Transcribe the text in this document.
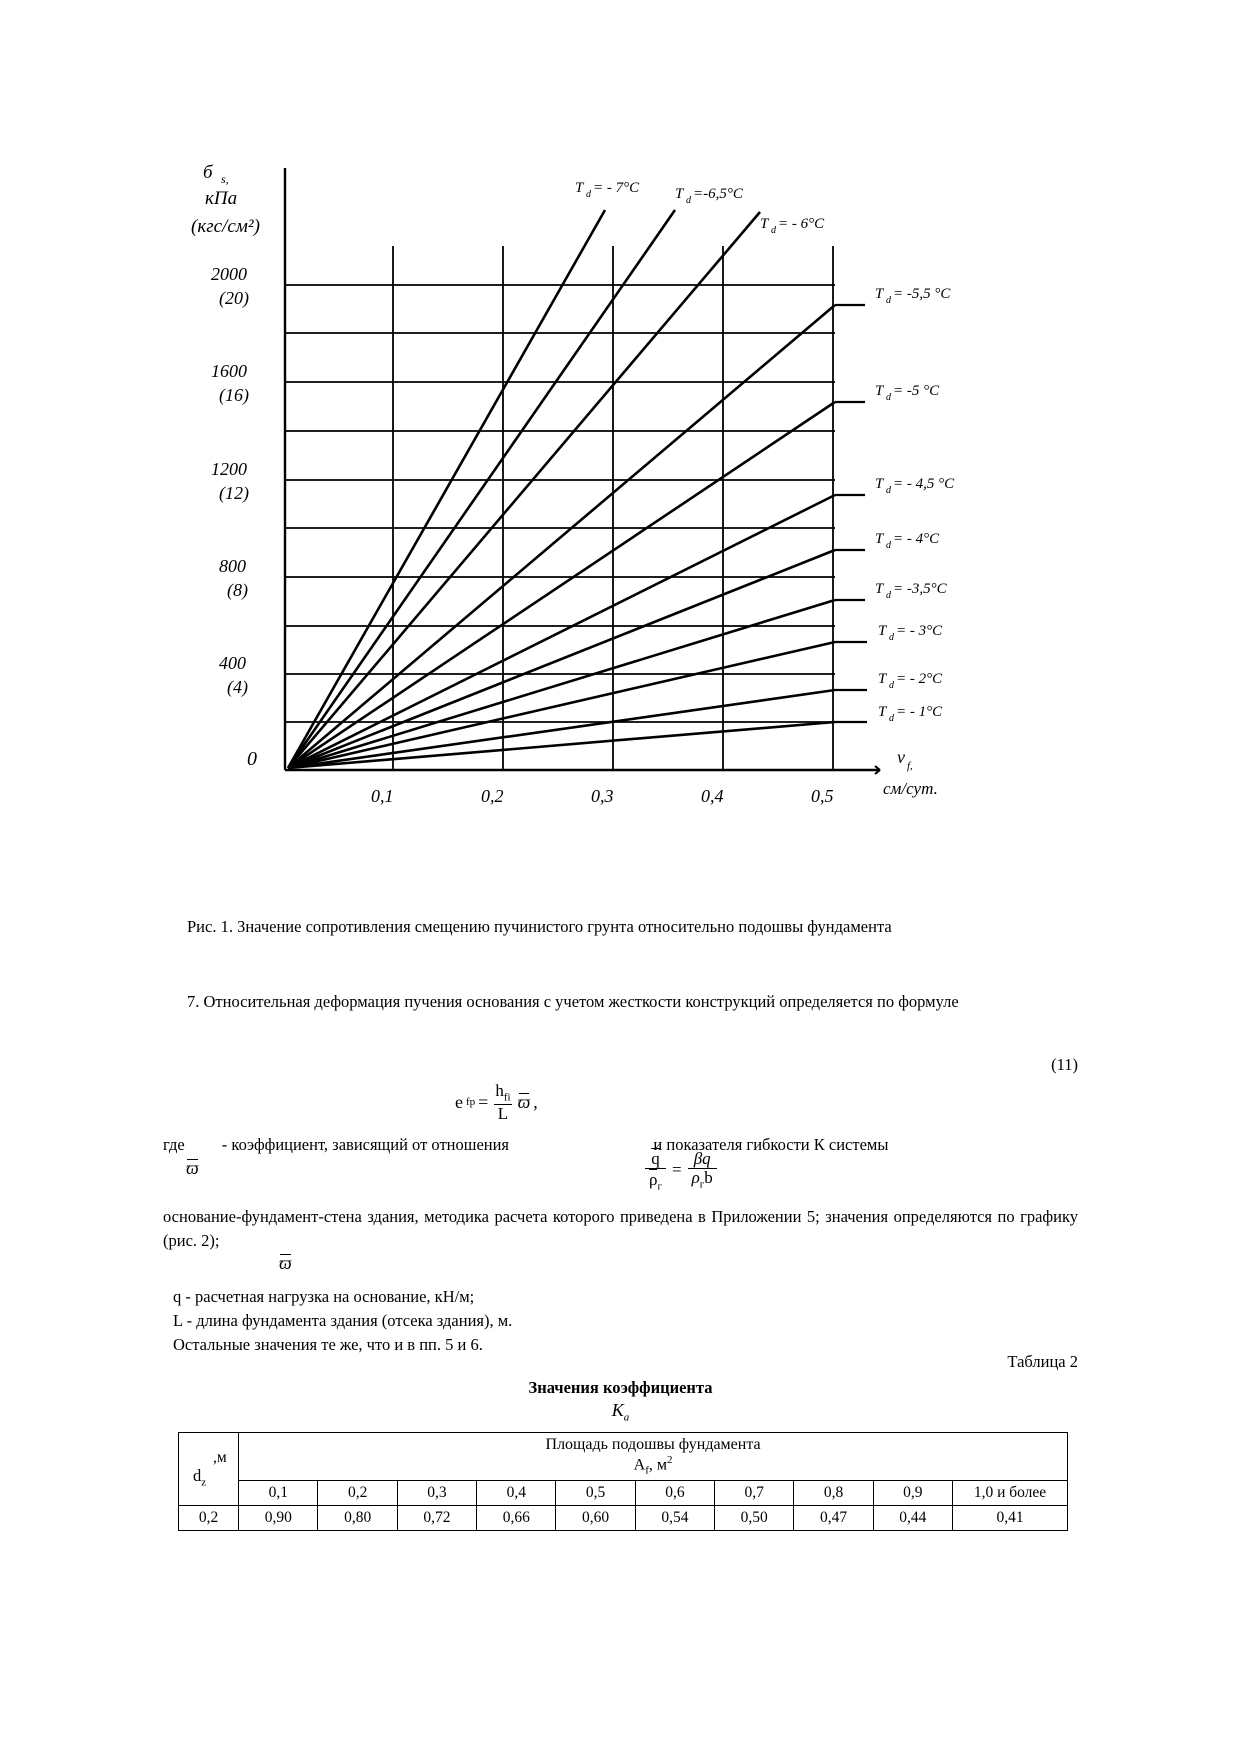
б s,
кПа
(кгс/см²)
2000
(20)
1600
(16)
1200
(12)
800
(8)
400
(4)
0
0,1	0,2	0,3	0,4	0,5
v f,
см/сут.
T d = - 7°C T d =-6,5°C
T d = - 6°C
T d = -5,5 °C
T d = -5 °C
T d = - 4,5 °C
T d = - 4°C
T d = -3,5°C
T d = - 3°C
T d = - 2°C
T d = - 1°C
Рис. 1. Значение сопротивления смещению пучинистого грунта относительно подошвы фундамента
7. Относительная деформация пучения основания с учетом жесткости конструкций определяется по формуле
(11)
e fp = $\frac{h_{fi}}{L}$ ϖ ,
где - коэффициент, зависящий от отношения	и показателя гибкости К системы
ϖ	$\frac{q}{\rho_г} = \frac{\beta q}{\rho_гb}$
основание-фундамент-стена здания, методика расчета которого приведена в Приложении 5; значения определяются по графику (рис. 2);
ϖ
q - расчетная нагрузка на основание, кН/м;
L - длина фундамента здания (отсека здания), м.
Остальные значения те же, что и в пп. 5 и 6.
Таблица 2
Значения коэффициента
$K_a$
,м
$d_z$

Площадь подошвы фундамента
$A_f$, $м^2$

	0,1	0,2	0,3	0,4	0,5	0,6	0,7	0,8	0,9	1,0 и более
0,2	0,90	0,80	0,72	0,66	0,60	0,54	0,50	0,47	0,44	0,41
